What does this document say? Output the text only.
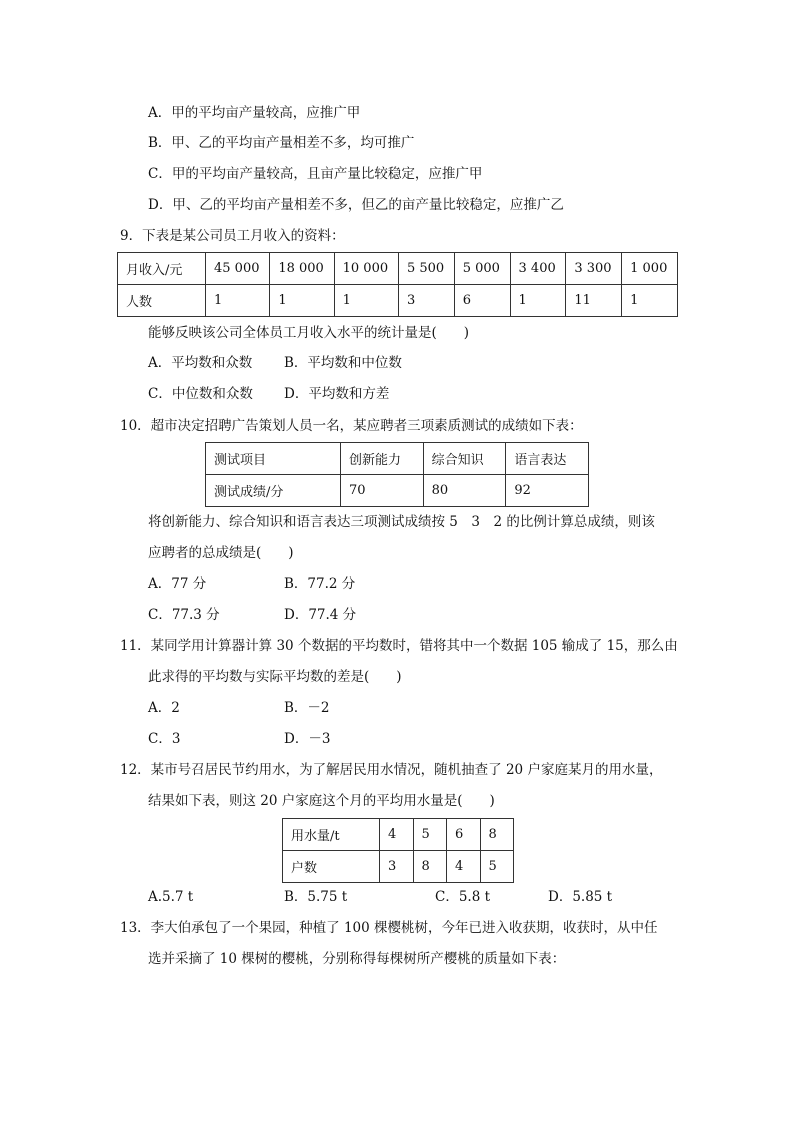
A．甲的平均亩产量较高，应推广甲
B．甲、乙的平均亩产量相差不多，均可推广
C．甲的平均亩产量较高，且亩产量比较稳定，应推广甲
D．甲、乙的平均亩产量相差不多，但乙的亩产量比较稳定，应推广乙
9．下表是某公司员工月收入的资料：
月收入/元	45 000	18 000	10 000	5 500	5 000	3 400	3 300	1 000
人数	1	1	1	3	6	1	11	1
能够反映该公司全体员工月收入水平的统计量是(　　)
A．平均数和众数 B．平均数和中位数
C．中位数和众数 D．平均数和方差
10．超市决定招聘广告策划人员一名，某应聘者三项素质测试的成绩如下表：
测试项目	创新能力	综合知识	语言表达
测试成绩/分	70	80	92
将创新能力、综合知识和语言表达三项测试成绩按 5　3　2 的比例计算总成绩，则该
应聘者的总成绩是(　　)
A．77 分	B．77.2 分
C．77.3 分	D．77.4 分
11．某同学用计算器计算 30 个数据的平均数时，错将其中一个数据 105 输成了 15，那么由
此求得的平均数与实际平均数的差是(　　)
A．2	B．－2
C．3	D．－3
12．某市号召居民节约用水，为了解居民用水情况，随机抽查了 20 户家庭某月的用水量，
结果如下表，则这 20 户家庭这个月的平均用水量是(　　)
用水量/t	4	5	6	8
户数	3	8	4	5
A.5.7 t	B．5.75 t	C．5.8 t	D．5.85 t
13．李大伯承包了一个果园，种植了 100 棵樱桃树，今年已进入收获期，收获时，从中任
选并采摘了 10 棵树的樱桃，分别称得每棵树所产樱桃的质量如下表：
